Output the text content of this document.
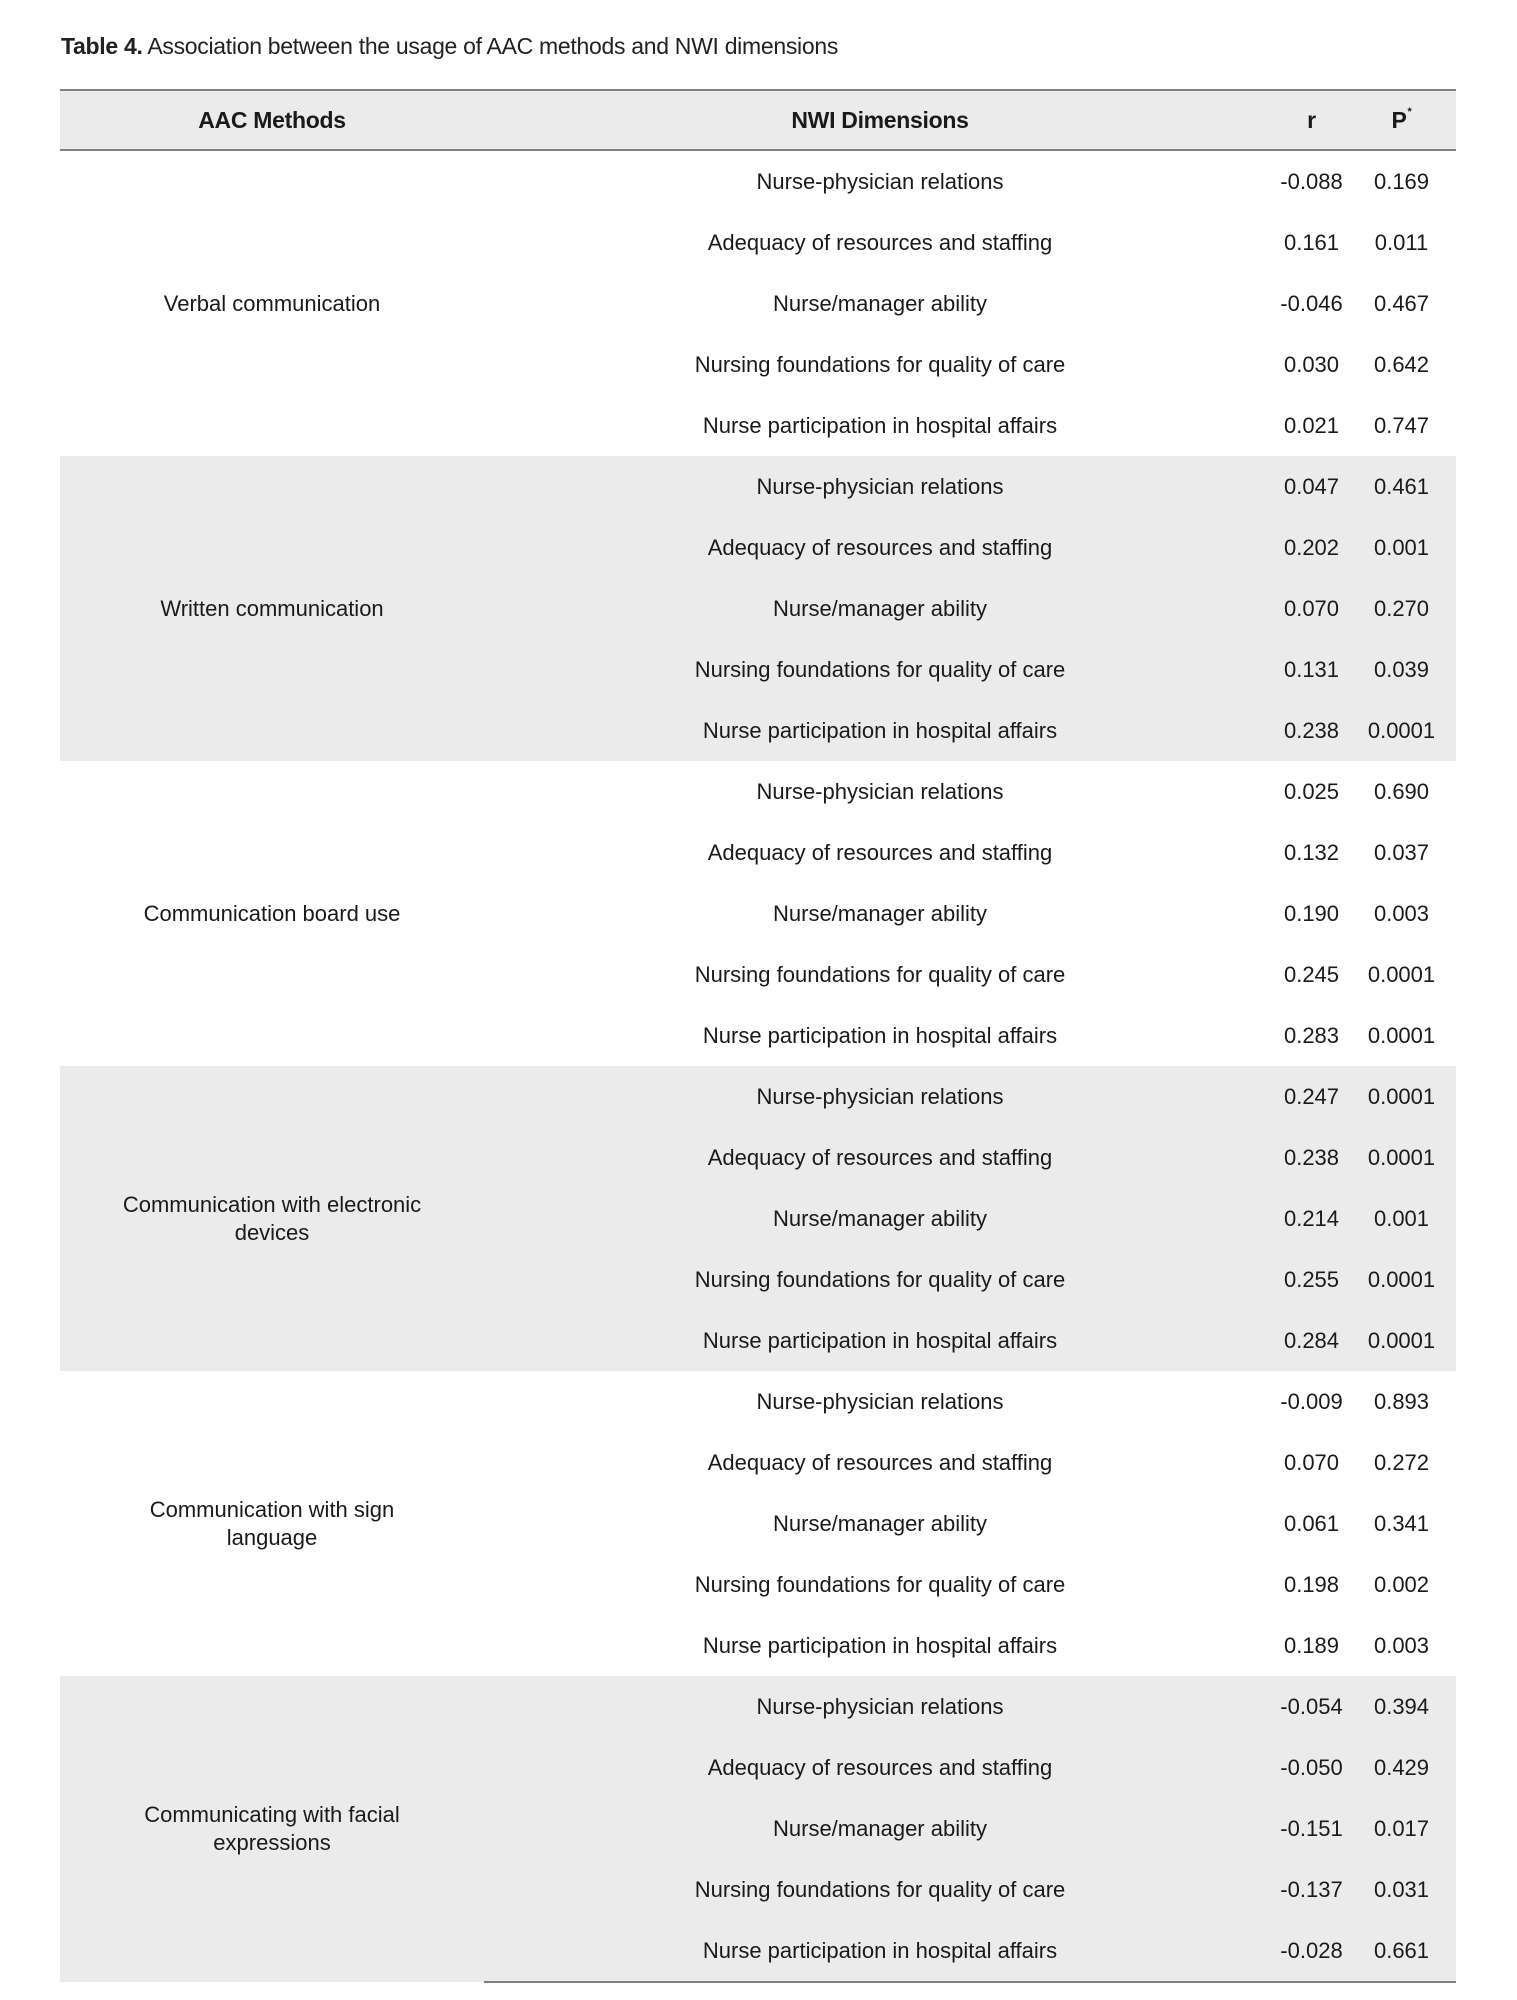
Table 4. Association between the usage of AAC methods and NWI dimensions
AAC Methods	NWI Dimensions	r	P*
Verbal communication	Nurse-physician relations	-0.088	0.169
	Adequacy of resources and staffing	0.161	0.011
	Nurse/manager ability	-0.046	0.467
	Nursing foundations for quality of care	0.030	0.642
	Nurse participation in hospital affairs	0.021	0.747
Written communication	Nurse-physician relations	0.047	0.461
	Adequacy of resources and staffing	0.202	0.001
	Nurse/manager ability	0.070	0.270
	Nursing foundations for quality of care	0.131	0.039
	Nurse participation in hospital affairs	0.238	0.0001
Communication board use	Nurse-physician relations	0.025	0.690
	Adequacy of resources and staffing	0.132	0.037
	Nurse/manager ability	0.190	0.003
	Nursing foundations for quality of care	0.245	0.0001
	Nurse participation in hospital affairs	0.283	0.0001
Communication with electronic devices	Nurse-physician relations	0.247	0.0001
	Adequacy of resources and staffing	0.238	0.0001
	Nurse/manager ability	0.214	0.001
	Nursing foundations for quality of care	0.255	0.0001
	Nurse participation in hospital affairs	0.284	0.0001
Communication with sign language	Nurse-physician relations	-0.009	0.893
	Adequacy of resources and staffing	0.070	0.272
	Nurse/manager ability	0.061	0.341
	Nursing foundations for quality of care	0.198	0.002
	Nurse participation in hospital affairs	0.189	0.003
Communicating with facial expressions	Nurse-physician relations	-0.054	0.394
	Adequacy of resources and staffing	-0.050	0.429
	Nurse/manager ability	-0.151	0.017
	Nursing foundations for quality of care	-0.137	0.031
	Nurse participation in hospital affairs	-0.028	0.661
